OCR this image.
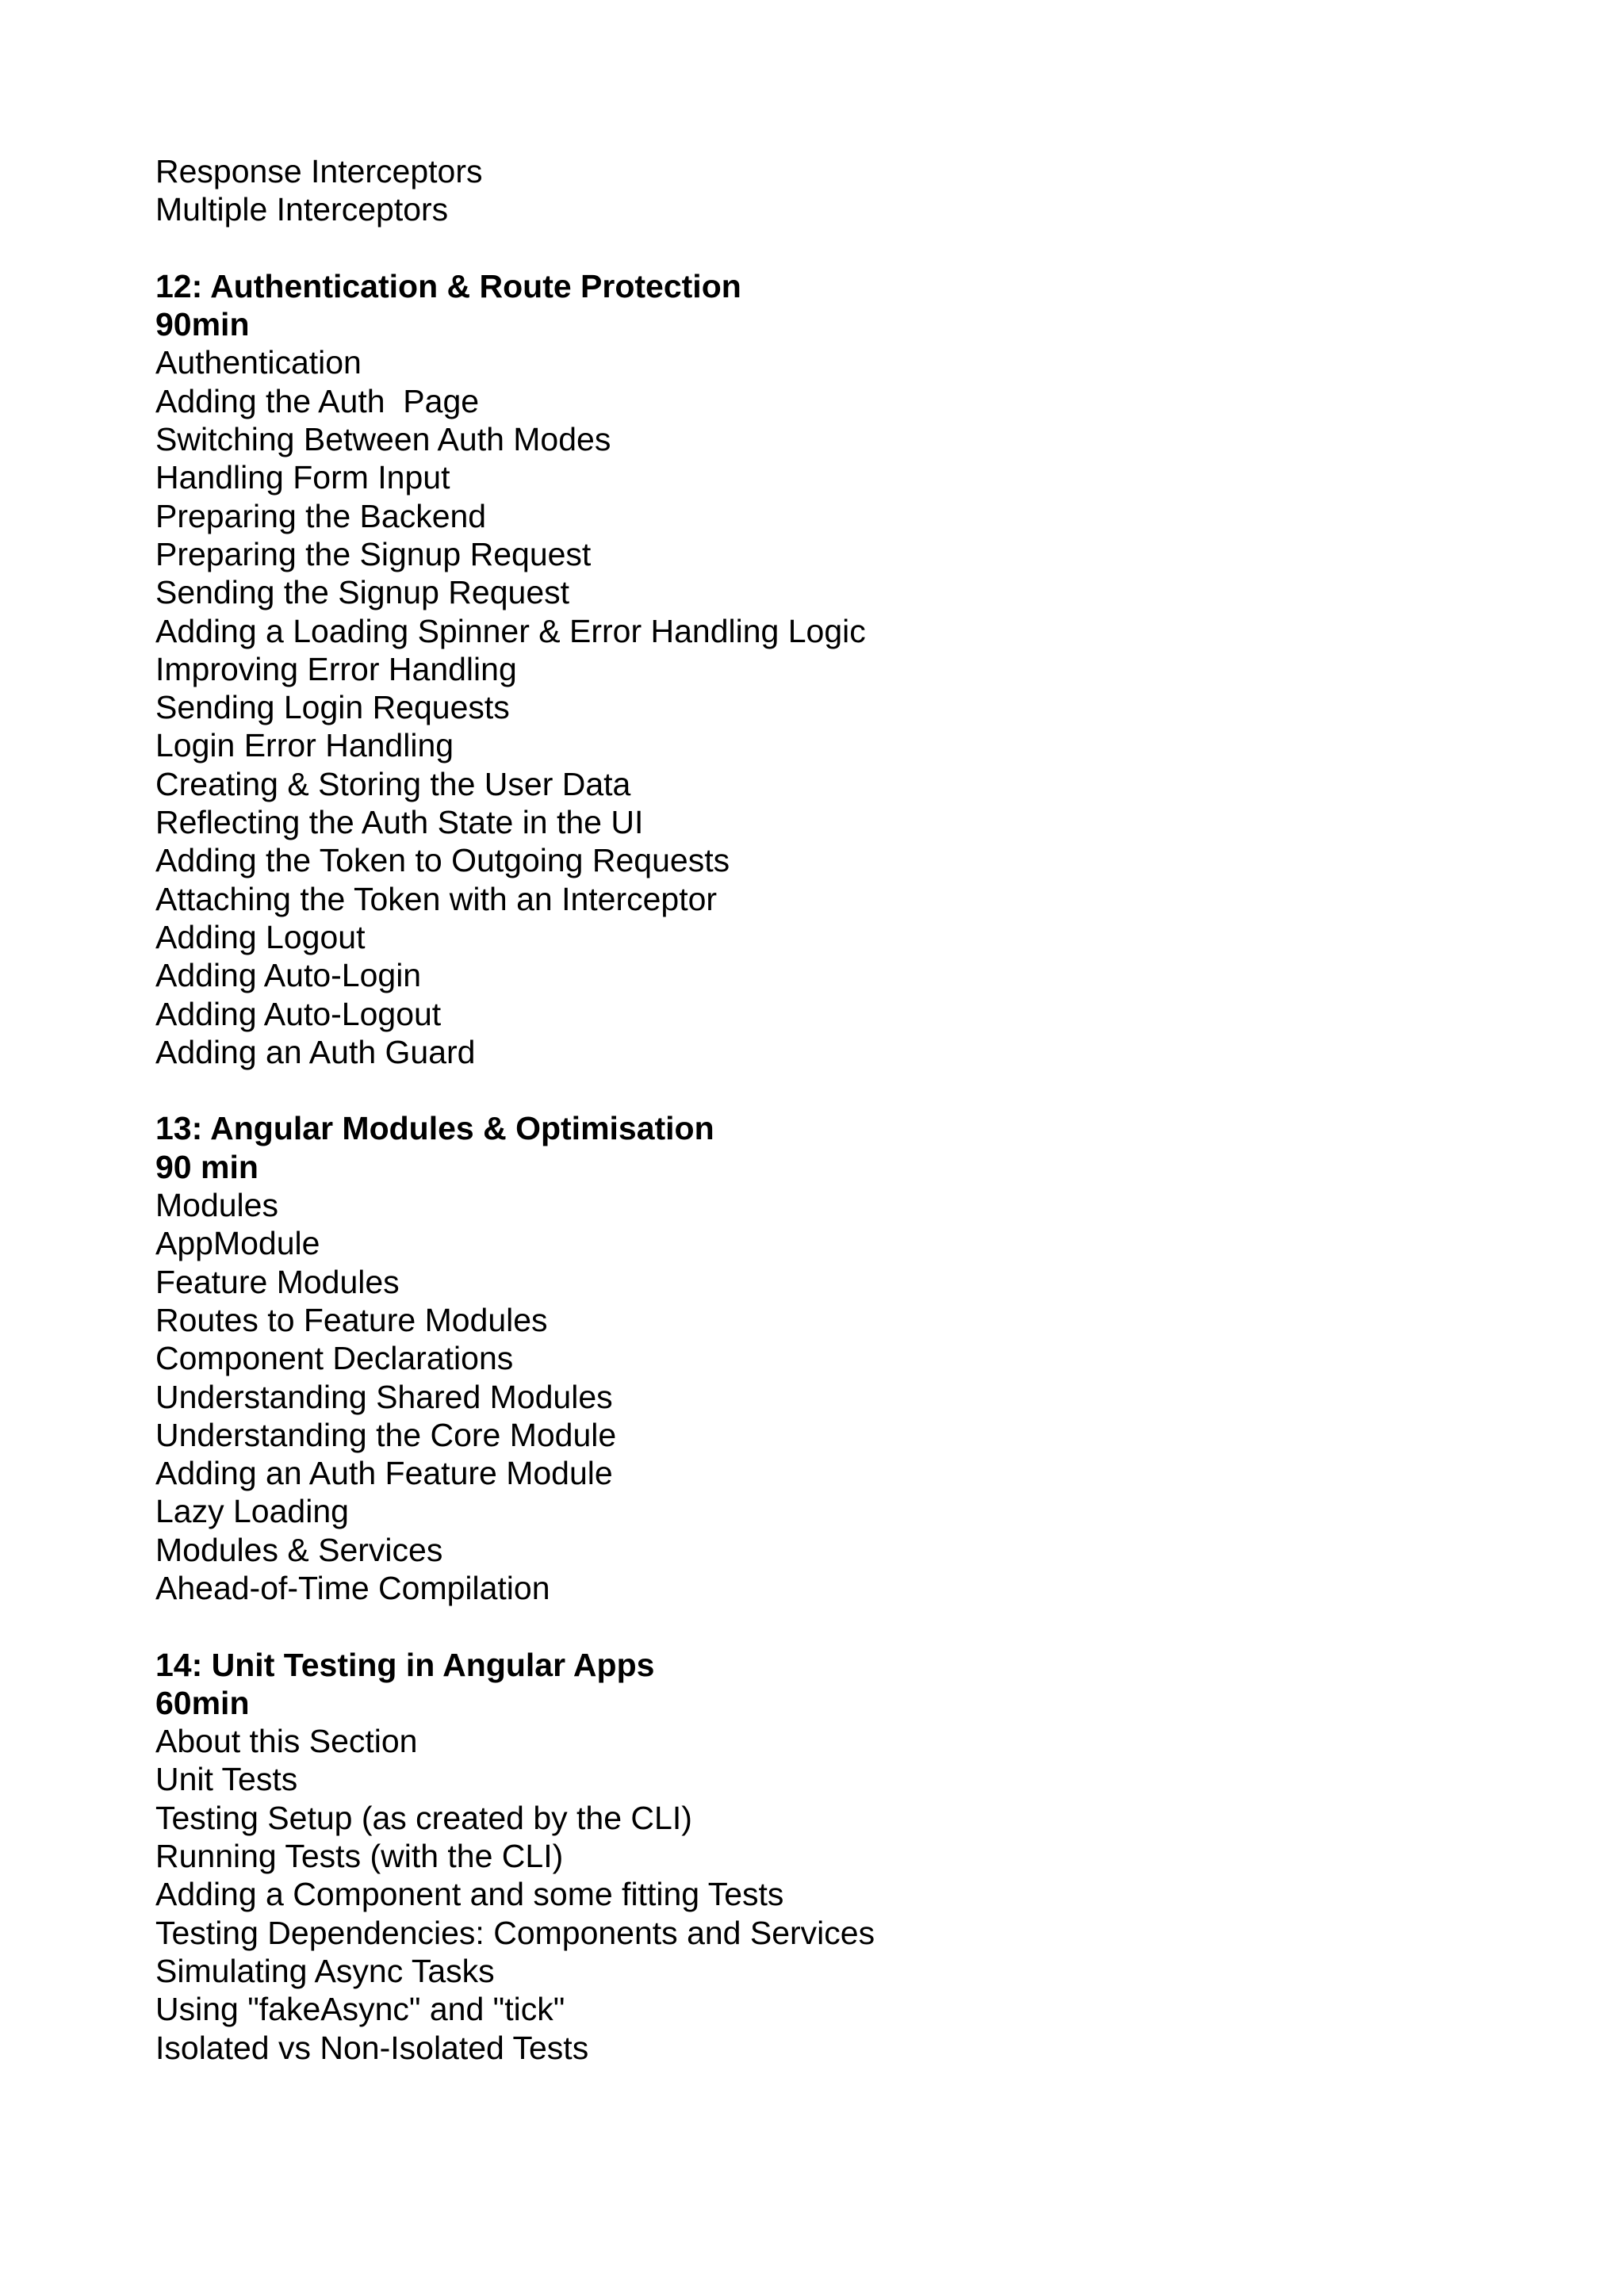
Response Interceptors
Multiple Interceptors
12: Authentication & Route Protection
90min
Authentication
Adding the Auth  Page
Switching Between Auth Modes
Handling Form Input
Preparing the Backend
Preparing the Signup Request
Sending the Signup Request
Adding a Loading Spinner & Error Handling Logic
Improving Error Handling
Sending Login Requests
Login Error Handling
Creating & Storing the User Data
Reflecting the Auth State in the UI
Adding the Token to Outgoing Requests
Attaching the Token with an Interceptor
Adding Logout
Adding Auto-Login
Adding Auto-Logout
Adding an Auth Guard
13: Angular Modules & Optimisation
90 min
Modules
AppModule
Feature Modules
Routes to Feature Modules
Component Declarations
Understanding Shared Modules
Understanding the Core Module
Adding an Auth Feature Module
Lazy Loading
Modules & Services
Ahead-of-Time Compilation
14: Unit Testing in Angular Apps
60min
About this Section
Unit Tests
Testing Setup (as created by the CLI)
Running Tests (with the CLI)
Adding a Component and some fitting Tests
Testing Dependencies: Components and Services
Simulating Async Tasks
Using "fakeAsync" and "tick"
Isolated vs Non-Isolated Tests
